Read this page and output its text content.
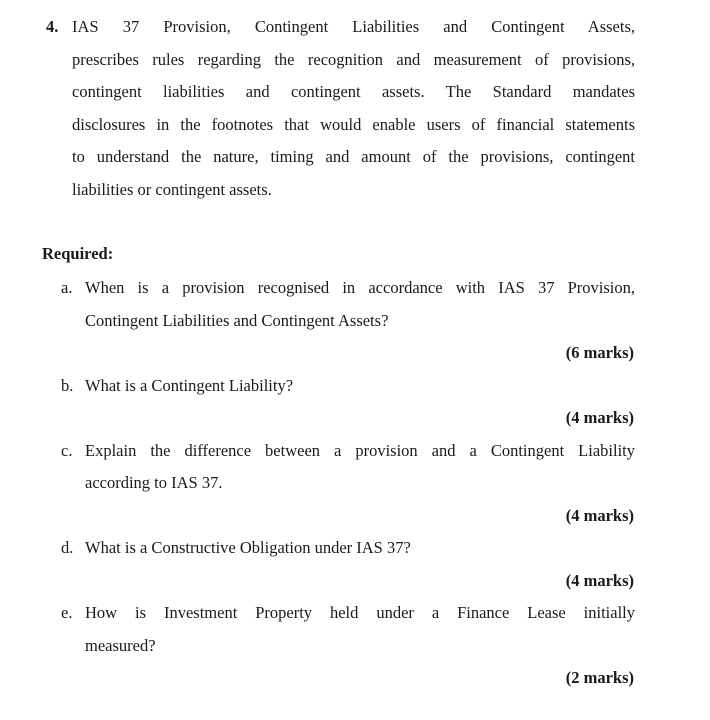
4. IAS 37 Provision, Contingent Liabilities and Contingent Assets,
prescribes rules regarding the recognition and measurement of provisions,
contingent liabilities and contingent assets. The Standard mandates
disclosures in the footnotes that would enable users of financial statements
to understand the nature, timing and amount of the provisions, contingent
liabilities or contingent assets.
Required:
a. When is a provision recognised in accordance with IAS 37 Provision,
Contingent Liabilities and Contingent Assets?
(6 marks)
b. What is a Contingent Liability?
(4 marks)
c. Explain the difference between a provision and a Contingent Liability
according to IAS 37.
(4 marks)
d. What is a Constructive Obligation under IAS 37?
(4 marks)
e. How is Investment Property held under a Finance Lease initially
measured?
(2 marks)
